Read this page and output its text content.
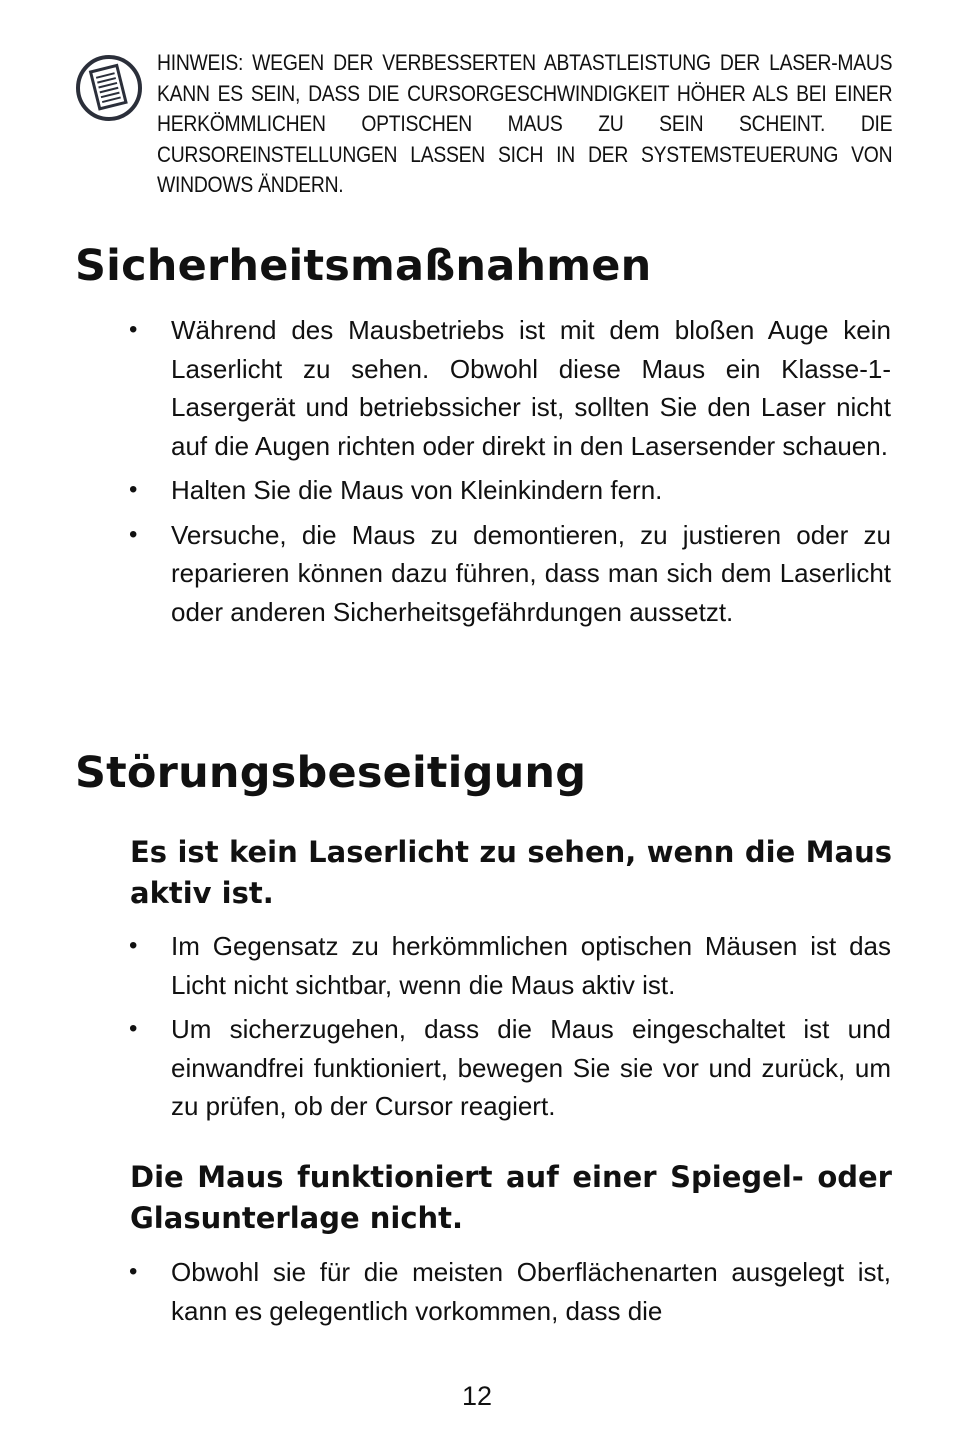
HINWEIS: WEGEN DER VERBESSERTEN ABTASTLEISTUNG DER LASER-MAUS KANN ES SEIN, DASS DIE CURSORGESCHWINDIGKEIT HÖHER ALS BEI EINER HERKÖMMLICHEN OPTISCHEN MAUS ZU SEIN SCHEINT. DIE CURSOREINSTELLUNGEN LASSEN SICH IN DER SYSTEMSTEUERUNG VON WINDOWS ÄNDERN.
Sicherheitsmaßnahmen
• Während des Mausbetriebs ist mit dem bloßen Auge kein Laserlicht zu sehen. Obwohl diese Maus ein Klasse-1-Lasergerät und betriebssicher ist, sollten Sie den Laser nicht auf die Augen richten oder direkt in den Lasersender schauen.
• Halten Sie die Maus von Kleinkindern fern.
• Versuche, die Maus zu demontieren, zu justieren oder zu reparieren können dazu führen, dass man sich dem Laserlicht oder anderen Sicherheitsgefährdungen aussetzt.
Störungsbeseitigung
Es ist kein Laserlicht zu sehen, wenn die Maus aktiv ist.
• Im Gegensatz zu herkömmlichen optischen Mäusen ist das Licht nicht sichtbar, wenn die Maus aktiv ist.
• Um sicherzugehen, dass die Maus eingeschaltet ist und einwandfrei funktioniert, bewegen Sie sie vor und zurück, um zu prüfen, ob der Cursor reagiert.
Die Maus funktioniert auf einer Spiegel- oder Glasunterlage nicht.
• Obwohl sie für die meisten Oberflächenarten ausgelegt ist, kann es gelegentlich vorkommen, dass die
12
